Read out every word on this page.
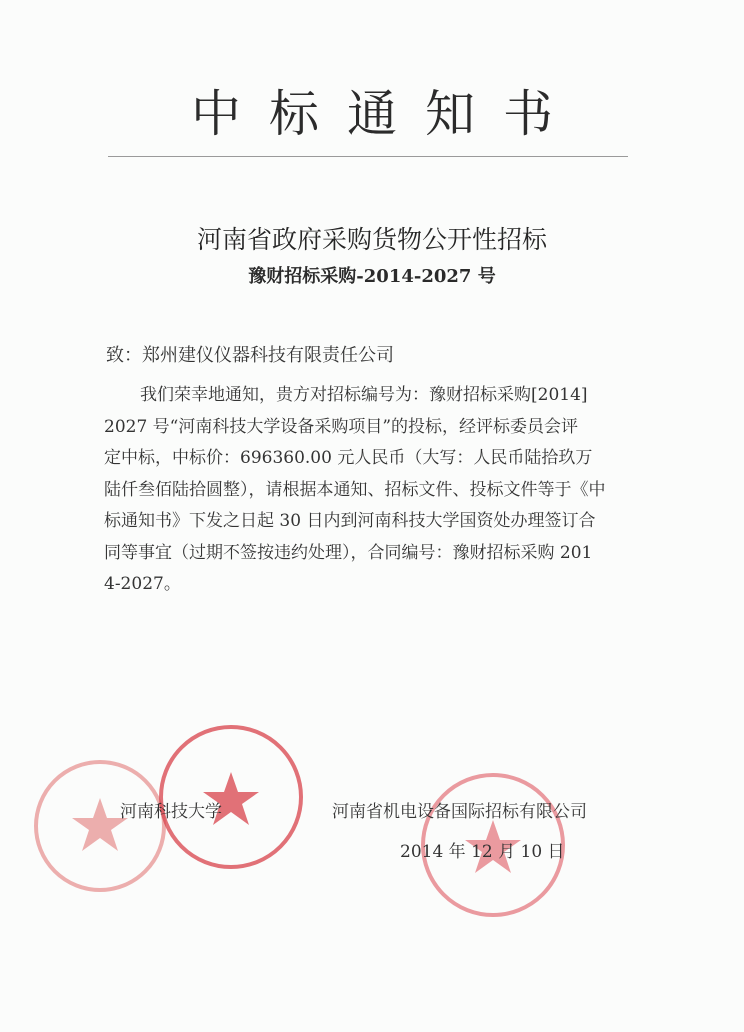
中标通知书
河南省政府采购货物公开性招标
豫财招标采购-2014-2027 号
致：郑州建仪仪器科技有限责任公司
我们荣幸地通知，贵方对招标编号为：豫财招标采购[2014]
2027 号“河南科技大学设备采购项目”的投标，经评标委员会评
定中标，中标价：696360.00 元人民币（大写：人民币陆拾玖万
陆仟叁佰陆拾圆整），请根据本通知、招标文件、投标文件等于《中
标通知书》下发之日起 30 日内到河南科技大学国资处办理签订合
同等事宜（过期不签按违约处理），合同编号：豫财招标采购 201
4-2027。
河南科技大学	河南省机电设备国际招标有限公司
2014 年 12 月 10 日
